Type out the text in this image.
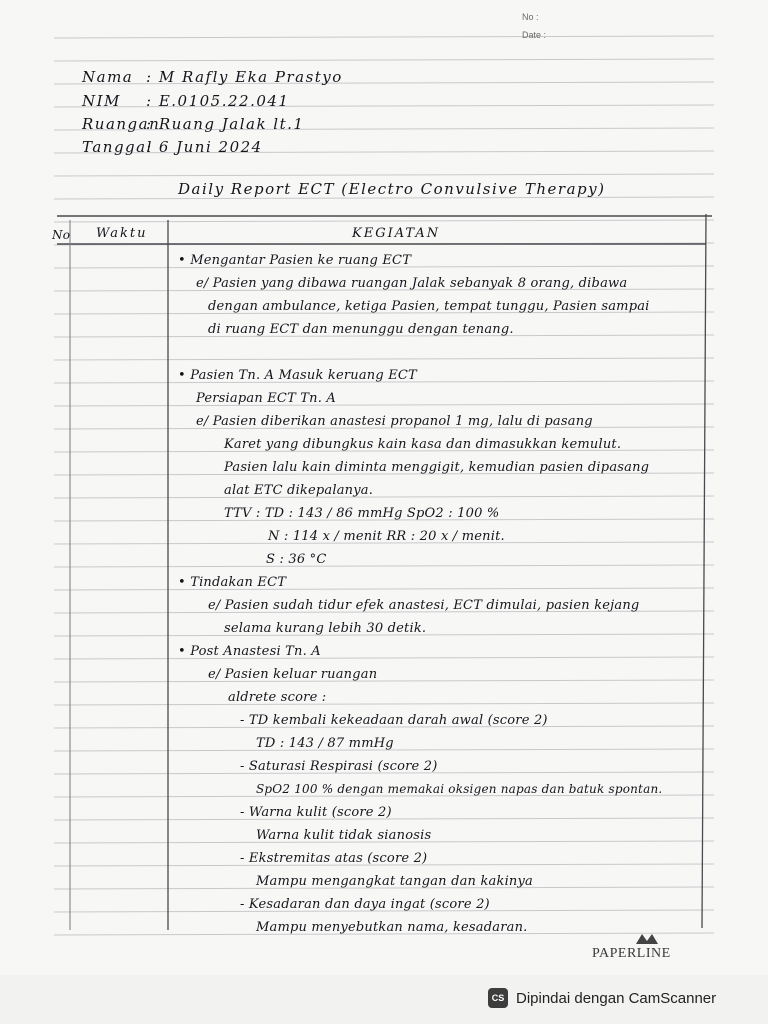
No :
Date :
Nama : M Rafly Eka Prastyo
NIM : E.0105.22.041
Ruangan
: Ruang Jalak lt.1
Tanggal
: 6 Juni 2024
Daily Report ECT (Electro Convulsive Therapy)
No Waktu	KEGIATAN
• Mengantar Pasien ke ruang ECT
e/ Pasien yang dibawa ruangan Jalak sebanyak 8 orang, dibawa
dengan ambulance, ketiga Pasien, tempat tunggu, Pasien sampai
di ruang ECT dan menunggu dengan tenang.
• Pasien Tn. A Masuk keruang ECT
Persiapan ECT Tn. A
e/ Pasien diberikan anastesi propanol 1 mg, lalu di pasang
Karet yang dibungkus kain kasa dan dimasukkan kemulut.
Pasien lalu kain diminta menggigit, kemudian pasien dipasang
alat ETC dikepalanya.
TTV : TD : 143 / 86 mmHg SpO2 : 100 %
N : 114 x / menit RR : 20 x / menit.
S : 36 °C
• Tindakan ECT
e/ Pasien sudah tidur efek anastesi, ECT dimulai, pasien kejang
selama kurang lebih 30 detik.
• Post Anastesi Tn. A
e/ Pasien keluar ruangan
aldrete score :
- TD kembali kekeadaan darah awal (score 2)
TD : 143 / 87 mmHg
- Saturasi Respirasi (score 2)
SpO2 100 % dengan memakai oksigen napas dan batuk spontan.
- Warna kulit (score 2)
Warna kulit tidak sianosis
- Ekstremitas atas (score 2)
Mampu mengangkat tangan dan kakinya
- Kesadaran dan daya ingat (score 2)
Mampu menyebutkan nama, kesadaran.
PAPERLINE
CS Dipindai dengan CamScanner
